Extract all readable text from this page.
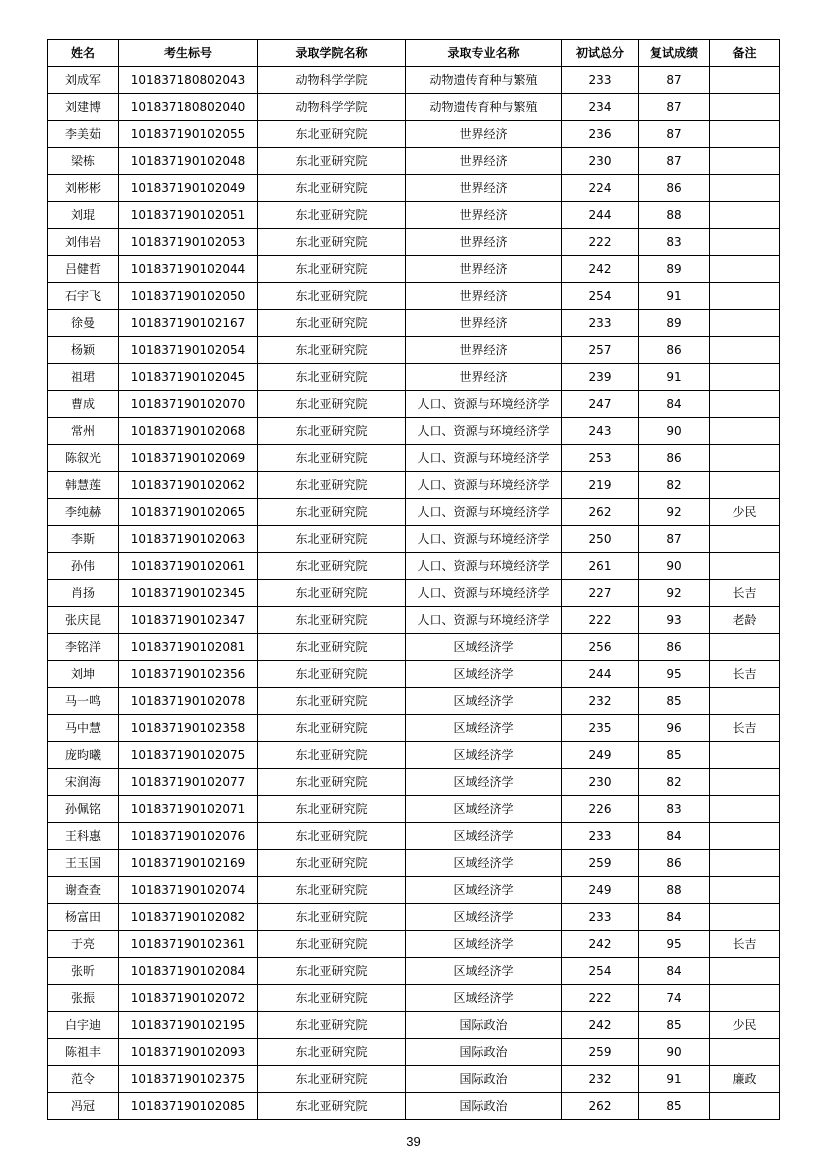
姓名	考生标号	录取学院名称	录取专业名称	初试总分	复试成绩	备注
刘成军	101837180802043	动物科学学院	动物遗传育种与繁殖	233	87	
刘建博	101837180802040	动物科学学院	动物遗传育种与繁殖	234	87	
李美茹	101837190102055	东北亚研究院	世界经济	236	87	
梁栋	101837190102048	东北亚研究院	世界经济	230	87	
刘彬彬	101837190102049	东北亚研究院	世界经济	224	86	
刘琨	101837190102051	东北亚研究院	世界经济	244	88	
刘伟岩	101837190102053	东北亚研究院	世界经济	222	83	
吕健哲	101837190102044	东北亚研究院	世界经济	242	89	
石宇飞	101837190102050	东北亚研究院	世界经济	254	91	
徐曼	101837190102167	东北亚研究院	世界经济	233	89	
杨颖	101837190102054	东北亚研究院	世界经济	257	86	
祖珺	101837190102045	东北亚研究院	世界经济	239	91	
曹成	101837190102070	东北亚研究院	人口、资源与环境经济学	247	84	
常州	101837190102068	东北亚研究院	人口、资源与环境经济学	243	90	
陈叙光	101837190102069	东北亚研究院	人口、资源与环境经济学	253	86	
韩慧莲	101837190102062	东北亚研究院	人口、资源与环境经济学	219	82	
李纯赫	101837190102065	东北亚研究院	人口、资源与环境经济学	262	92	少民
李斯	101837190102063	东北亚研究院	人口、资源与环境经济学	250	87	
孙伟	101837190102061	东北亚研究院	人口、资源与环境经济学	261	90	
肖扬	101837190102345	东北亚研究院	人口、资源与环境经济学	227	92	长吉
张庆昆	101837190102347	东北亚研究院	人口、资源与环境经济学	222	93	老龄
李铭洋	101837190102081	东北亚研究院	区域经济学	256	86	
刘坤	101837190102356	东北亚研究院	区域经济学	244	95	长吉
马一鸣	101837190102078	东北亚研究院	区域经济学	232	85	
马中慧	101837190102358	东北亚研究院	区域经济学	235	96	长吉
庞昀曦	101837190102075	东北亚研究院	区域经济学	249	85	
宋润海	101837190102077	东北亚研究院	区域经济学	230	82	
孙佩铭	101837190102071	东北亚研究院	区域经济学	226	83	
王科惠	101837190102076	东北亚研究院	区域经济学	233	84	
王玉国	101837190102169	东北亚研究院	区域经济学	259	86	
谢查查	101837190102074	东北亚研究院	区域经济学	249	88	
杨富田	101837190102082	东北亚研究院	区域经济学	233	84	
于亮	101837190102361	东北亚研究院	区域经济学	242	95	长吉
张昕	101837190102084	东北亚研究院	区域经济学	254	84	
张振	101837190102072	东北亚研究院	区域经济学	222	74	
白宇迪	101837190102195	东北亚研究院	国际政治	242	85	少民
陈祖丰	101837190102093	东北亚研究院	国际政治	259	90	
范令	101837190102375	东北亚研究院	国际政治	232	91	廉政
冯冠	101837190102085	东北亚研究院	国际政治	262	85	
39
